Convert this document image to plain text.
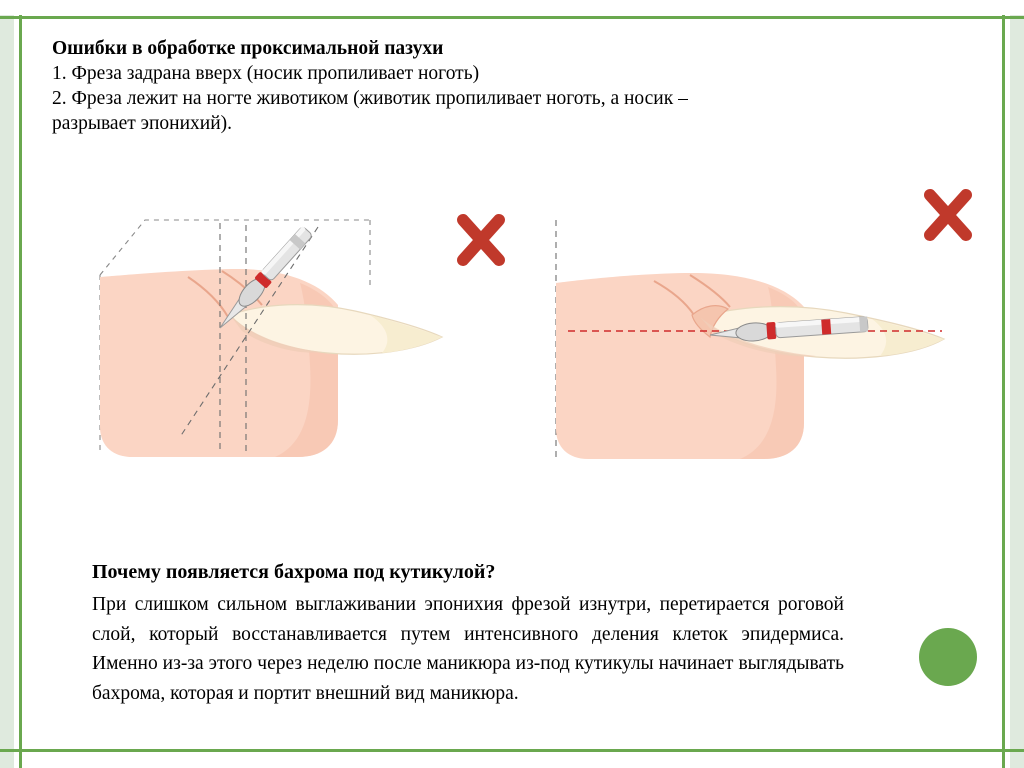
Ошибки в обработке проксимальной пазухи
1. Фреза задрана вверх (носик пропиливает ноготь)
2. Фреза лежит на ногте животиком (животик пропиливает ноготь, а носик –
разрывает эпонихий).
Почему появляется бахрома под кутикулой?
При слишком сильном выглаживании эпонихия фрезой изнутри, перетирается роговой слой, который восстанавливается путем интенсивного деления клеток эпидермиса. Именно из-за этого через неделю после маникюра из-под кутикулы начинает выглядывать бахрома, которая и портит внешний вид маникюра.
